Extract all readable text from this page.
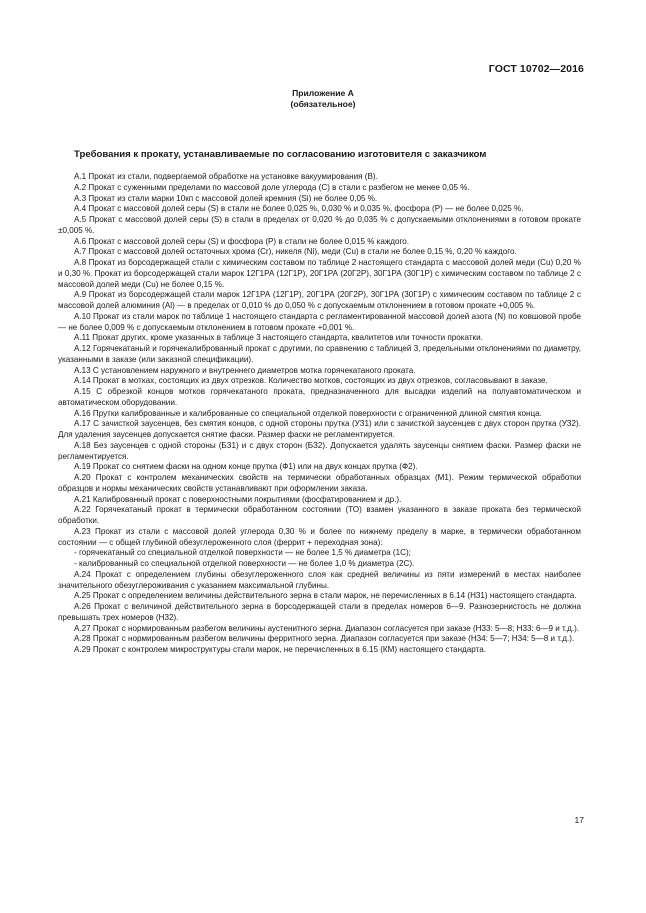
ГОСТ 10702—2016
Приложение А
(обязательное)
Требования к прокату, устанавливаемые по согласованию изготовителя с заказчиком

А.1 Прокат из стали, подвергаемой обработке на установке вакуумирования (В).

А.2 Прокат с суженными пределами по массовой доле углерода (С) в стали с разбегом не менее 0,05 %.

А.3 Прокат из стали марки 10кп с массовой долей кремния (Si) не более 0,05 %.

А.4 Прокат с массовой долей серы (S) в стали не более 0,025 %, 0,030 % и 0,035 %, фосфора (Р) — не более 0,025 %.

А.5 Прокат с массовой долей серы (S) в стали в пределах от 0,020 % до 0,035 % с допускаемыми отклонениями в готовом прокате ±0,005 %.

А.6 Прокат с массовой долей серы (S) и фосфора (Р) в стали не более 0,015 % каждого.

А.7 Прокат с массовой долей остаточных хрома (Cr), никеля (Ni), меди (Cu) в стали не более 0,15 %, 0,20 % каждого.

А.8 Прокат из борсодержащей стали с химическим составом по таблице 2 настоящего стандарта с массовой долей меди (Cu) 0,20 % и 0,30 %. Прокат из борсодержащей стали марок 12Г1РА (12Г1Р), 20Г1РА (20Г2Р), 30Г1РА (30Г1Р) с химическим составом по таблице 2 с массовой долей меди (Cu) не более 0,15 %.

А.9 Прокат из борсодержащей стали марок 12Г1РА (12Г1Р), 20Г1РА (20Г2Р), 30Г1РА (30Г1Р) с химическим составом по таблице 2 с массовой долей алюминия (Al) — в пределах от 0,010 % до 0,050 % с допускаемым отклонением в готовом прокате +0,005 %.

А.10 Прокат из стали марок по таблице 1 настоящего стандарта с регламентированной массовой долей азота (N) по ковшовой пробе — не более 0,009 % с допускаемым отклонением в готовом прокате +0,001 %.

А.11 Прокат других, кроме указанных в таблице 3 настоящего стандарта, квалитетов или точности прокатки.

А.12 Горячекатаный и горячекалиброванный прокат с другими, по сравнению с таблицей 3, предельными отклонениями по диаметру, указанными в заказе (или заказной спецификации).

А.13 С установлением наружного и внутреннего диаметров мотка горячекатаного проката.

А.14 Прокат в мотках, состоящих из двух отрезков. Количество мотков, состоящих из двух отрезков, согласовывают в заказе.

А.15 С обрезкой концов мотков горячекатаного проката, предназначенного для высадки изделий на полуавтоматическом и автоматическом оборудовании.

А.16 Прутки калиброванные и калиброванные со специальной отделкой поверхности с ограниченной длиной смятия конца.

А.17 С зачисткой заусенцев, без смятия концов, с одной стороны прутка (УЗ1) или с зачисткой заусенцев с двух сторон прутка (УЗ2). Для удаления заусенцев допускается снятие фаски. Размер фаски не регламентируется.

А.18 Без заусенцев с одной стороны (БЗ1) и с двух сторон (БЗ2). Допускается удалять заусенцы снятием фаски. Размер фаски не регламентируется.

А.19 Прокат со снятием фаски на одном конце прутка (Ф1) или на двух концах прутка (Ф2).

А.20 Прокат с контролем механических свойств на термически обработанных образцах (М1). Режим термической обработки образцов и нормы механических свойств устанавливают при оформлении заказа.

А.21 Калиброванный прокат с поверхностными покрытиями (фосфатированием и др.).

А.22 Горячекатаный прокат в термически обработанном состоянии (ТО) взамен указанного в заказе проката без термической обработки.

А.23 Прокат из стали с массовой долей углерода 0,30 % и более по нижнему пределу в марке, в термически обработанном состоянии — с общей глубиной обезуглероженного слоя (феррит + переходная зона):

- горячекатаный со специальной отделкой поверхности — не более 1,5 % диаметра (1С);

- калиброванный со специальной отделкой поверхности — не более 1,0 % диаметра (2С).

А.24 Прокат с определением глубины обезуглероженного слоя как средней величины из пяти измерений в местах наиболее значительного обезуглероживания с указанием максимальной глубины.

А.25 Прокат с определением величины действительного зерна в стали марок, не перечисленных в 6.14 (Н31) настоящего стандарта.

А.26 Прокат с величиной действительного зерна в борсодержащей стали в пределах номеров 6—9. Разнозернистость не должна превышать трех номеров (Н32).

А.27 Прокат с нормированным разбегом величины аустенитного зерна. Диапазон согласуется при заказе (Н33: 5—8; Н33: 6—9 и т.д.).

А.28 Прокат с нормированным разбегом величины ферритного зерна. Диапазон согласуется при заказе (Н34: 5—7; Н34: 5—8 и т.д.).

А.29 Прокат с контролем микроструктуры стали марок, не перечисленных в 6.15 (КМ) настоящего стандарта.

17
